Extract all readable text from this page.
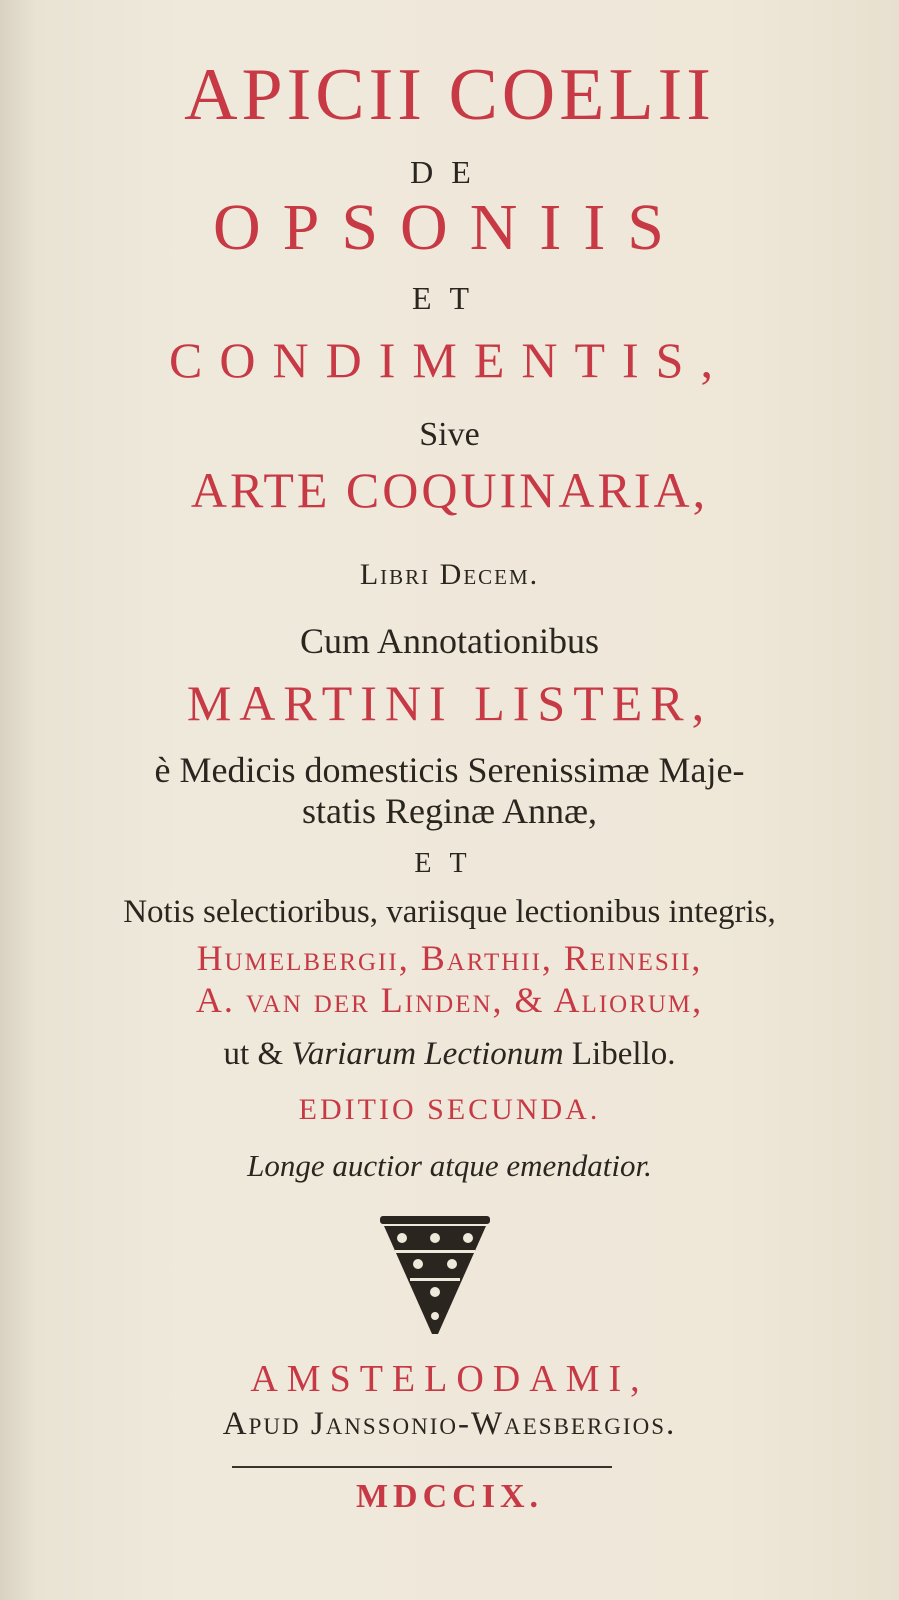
APICII COELII
DE
OPSONIIS
ET
CONDIMENTIS,
Sive
ARTE COQUINARIA,
Libri Decem.
Cum Annotationibus
MARTINI LISTER,
è Medicis domesticis Serenissimæ Maje-
statis Reginæ Annæ,
ET
Notis selectioribus, variisque lectionibus integris,
Humelbergii, Barthii, Reinesii,
A. van der Linden, & Aliorum,
ut & Variarum Lectionum Libello.
EDITIO SECUNDA.
Longe auctior atque emendatior.
AMSTELODAMI,
Apud Janssonio-Waesbergios.
MDCCIX.
